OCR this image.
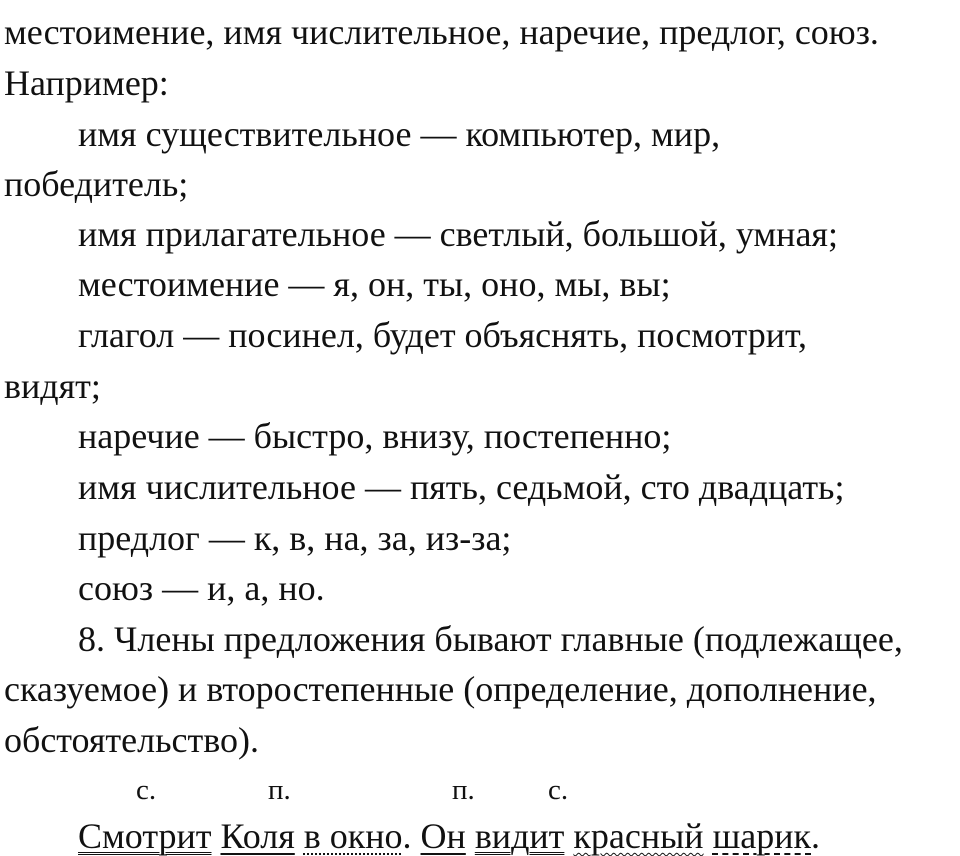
местоимение, имя числительное, наречие, предлог, союз.
Например:
имя существительное — компьютер, мир,
победитель;
имя прилагательное — светлый, большой, умная;
местоимение — я, он, ты, оно, мы, вы;
глагол — посинел, будет объяснять, посмотрит,
видят;
наречие — быстро, внизу, постепенно;
имя числительное — пять, седьмой, сто двадцать;
предлог — к, в, на, за, из-за;
союз — и, а, но.
8. Члены предложения бывают главные (подлежащее,
сказуемое) и второстепенные (определение, дополнение,
обстоятельство).
с.	п.	п.	с.
Смотрит Коля в окно. Он видит красный шарик.
